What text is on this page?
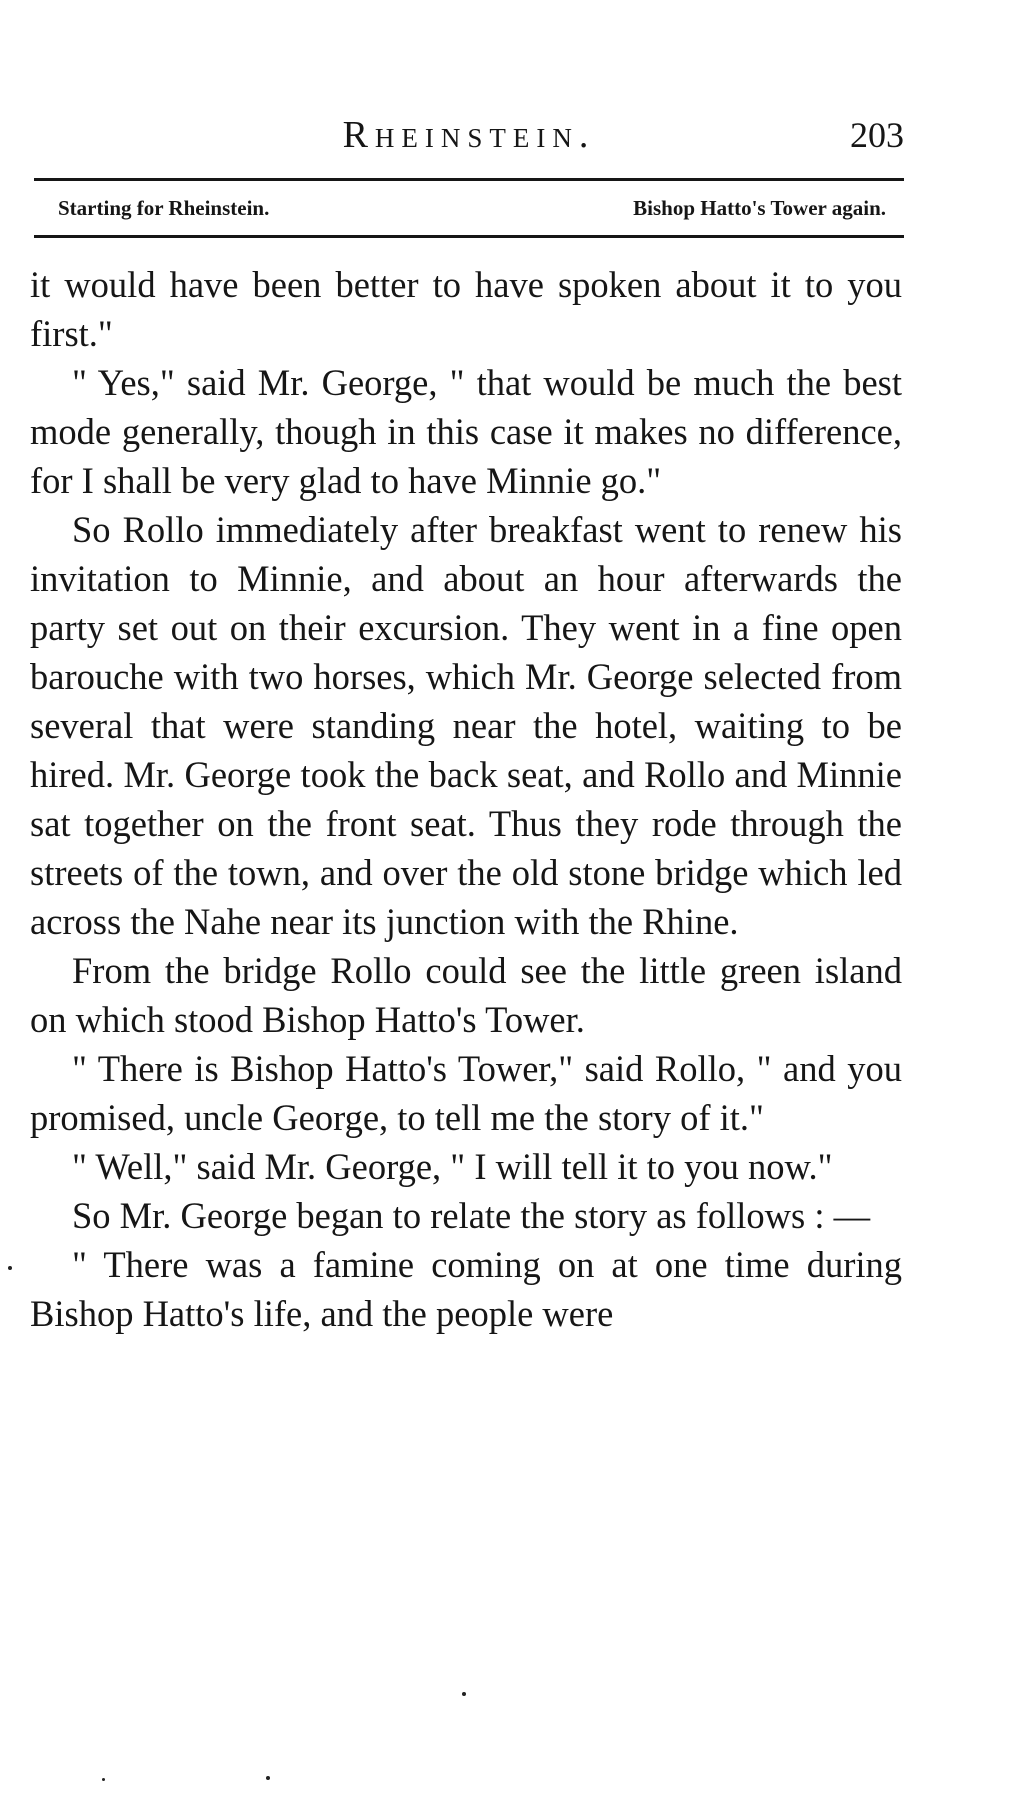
Rheinstein.	203
Starting for Rheinstein.	Bishop Hatto's Tower again.

it would have been better to have spoken about it to you first."

" Yes," said Mr. George, " that would be much the best mode generally, though in this case it makes no difference, for I shall be very glad to have Minnie go."

So Rollo immediately after breakfast went to renew his invitation to Minnie, and about an hour afterwards the party set out on their excursion. They went in a fine open barouche with two horses, which Mr. George selected from several that were standing near the hotel, waiting to be hired. Mr. George took the back seat, and Rollo and Minnie sat together on the front seat. Thus they rode through the streets of the town, and over the old stone bridge which led across the Nahe near its junction with the Rhine.

From the bridge Rollo could see the little green island on which stood Bishop Hatto's Tower.

" There is Bishop Hatto's Tower," said Rollo, " and you promised, uncle George, to tell me the story of it."

" Well," said Mr. George, " I will tell it to you now."

So Mr. George began to relate the story as follows : —

" There was a famine coming on at one time during Bishop Hatto's life, and the people were
